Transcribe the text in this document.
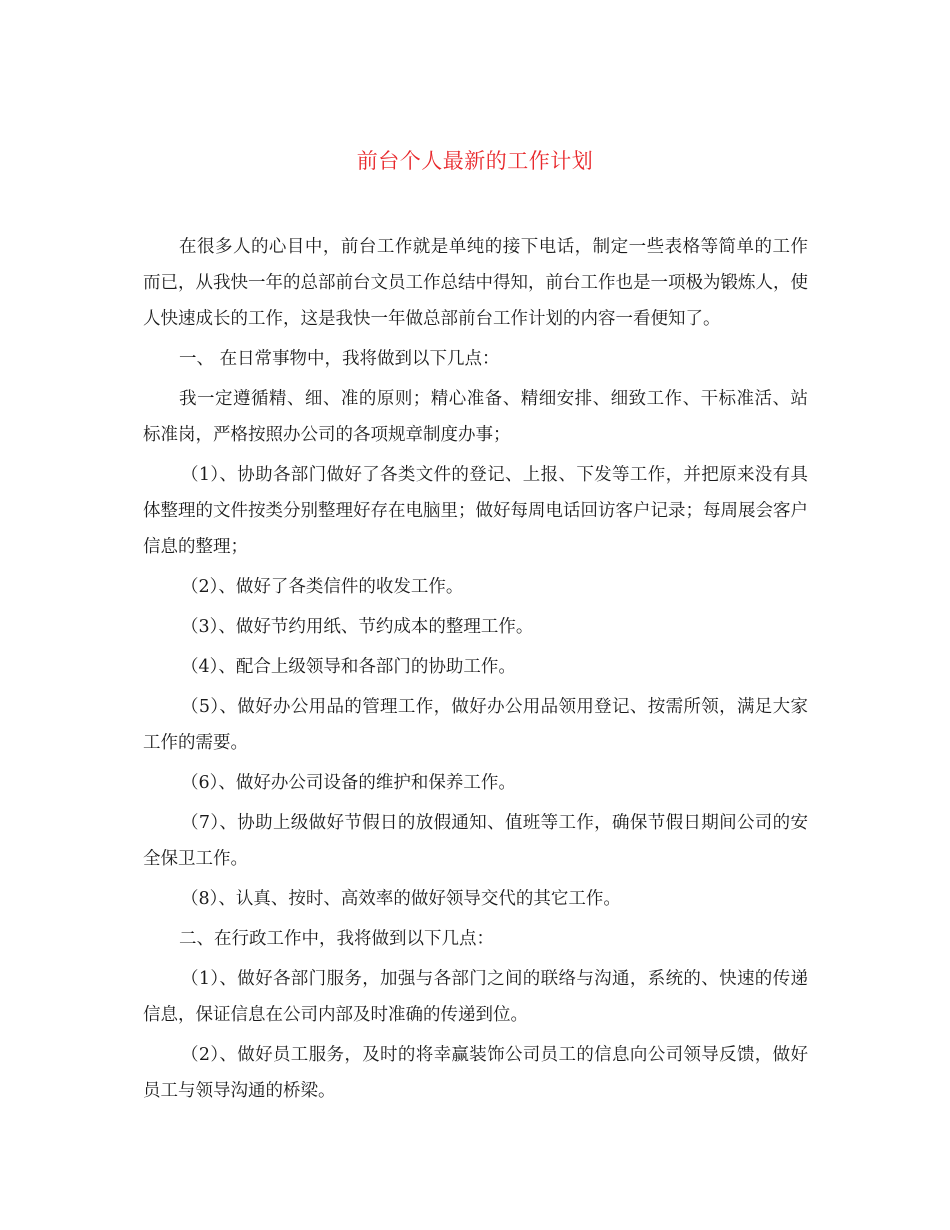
前台个人最新的工作计划

在很多人的心目中，前台工作就是单纯的接下电话，制定一些表格等简单的工作而已，从我快一年的总部前台文员工作总结中得知，前台工作也是一项极为锻炼人，使人快速成长的工作，这是我快一年做总部前台工作计划的内容一看便知了。

一、 在日常事物中，我将做到以下几点：

我一定遵循精、细、准的原则；精心准备、精细安排、细致工作、干标准活、站标准岗，严格按照办公司的各项规章制度办事；

（1）、协助各部门做好了各类文件的登记、上报、下发等工作，并把原来没有具体整理的文件按类分别整理好存在电脑里；做好每周电话回访客户记录；每周展会客户信息的整理；

（2）、做好了各类信件的收发工作。

（3）、做好节约用纸、节约成本的整理工作。

（4）、配合上级领导和各部门的协助工作。

（5）、做好办公用品的管理工作，做好办公用品领用登记、按需所领，满足大家工作的需要。

（6）、做好办公司设备的维护和保养工作。

（7）、协助上级做好节假日的放假通知、值班等工作，确保节假日期间公司的安全保卫工作。

（8）、认真、按时、高效率的做好领导交代的其它工作。

二、在行政工作中，我将做到以下几点：

（1）、做好各部门服务，加强与各部门之间的联络与沟通，系统的、快速的传递信息，保证信息在公司内部及时准确的传递到位。

（2）、做好员工服务，及时的将幸赢装饰公司员工的信息向公司领导反馈，做好员工与领导沟通的桥梁。
